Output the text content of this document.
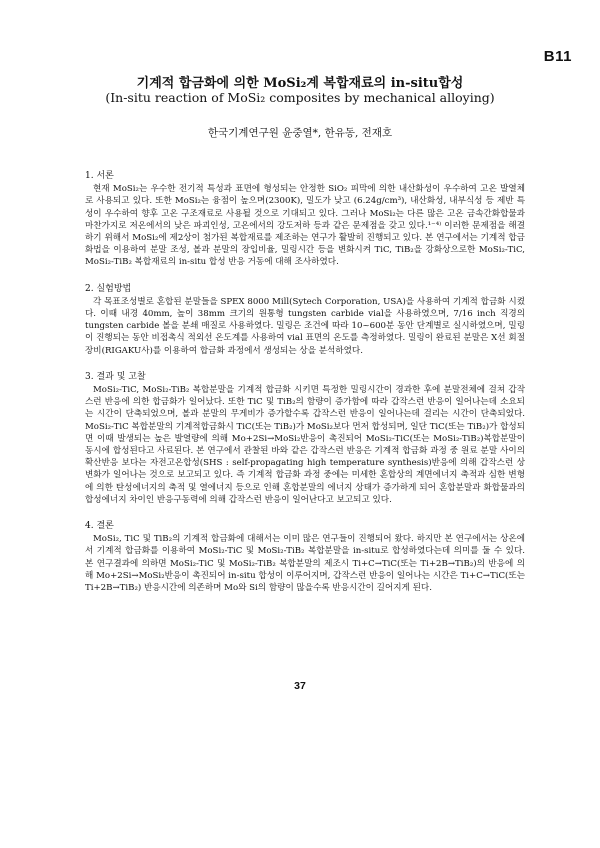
B11
기계적 합금화에 의한 MoSi₂계 복합재료의 in-situ합성
(In-situ reaction of MoSi₂ composites by mechanical alloying)
한국기계연구원 윤중열*, 한유동, 전재호
1. 서론

현재 MoSi₂는 우수한 전기적 특성과 표면에 형성되는 안정한 SiO₂ 피막에 의한 내산화성이 우수하여 고온 발열체로 사용되고 있다. 또한 MoSi₂는 융점이 높으며(2300K), 밀도가 낮고 (6.24g/cm³), 내산화성, 내부식성 등 제반 특성이 우수하여 향후 고온 구조재료로 사용될 것으로 기대되고 있다. 그러나 MoSi₂는 다른 많은 고온 금속간화합물과 마찬가지로 저온에서의 낮은 파괴인성, 고온에서의 강도저하 등과 같은 문제점을 갖고 있다.¹⁻⁴⁾ 이러한 문제점을 해결하기 위해서 MoSi₂에 제2상이 첨가된 복합재료를 제조하는 연구가 활발히 진행되고 있다. 본 연구에서는 기계적 합금화법을 이용하여 분말 조성, 볼과 분말의 장입비율, 밀링시간 등을 변화시켜 TiC, TiB₂을 강화상으로한 MoSi₂-TiC, MoSi₂-TiB₂ 복합재료의 in-situ 합성 반응 거동에 대해 조사하였다.

2. 실험방법

각 목표조성별로 혼합된 분말들을 SPEX 8000 Mill(Sytech Corporation, USA)을 사용하여 기계적 합금화 시켰다. 이때 내경 40mm, 높이 38mm 크기의 원통형 tungsten carbide vial을 사용하였으며, 7/16 inch 직경의 tungsten carbide 볼을 분쇄 매질로 사용하였다. 밀링은 조건에 따라 10~600분 동안 단계별로 실시하였으며, 밀링이 진행되는 동안 비접촉식 적외선 온도계를 사용하여 vial 표면의 온도를 측정하였다. 밀링이 완료된 분말은 X선 회절장비(RIGAKU사)를 이용하여 합금화 과정에서 생성되는 상을 분석하였다.

3. 결과 및 고찰

MoSi₂-TiC, MoSi₂-TiB₂ 복합분말을 기계적 합금화 시키면 특정한 밀링시간이 경과한 후에 분말전체에 걸쳐 갑작스런 반응에 의한 합금화가 일어났다. 또한 TiC 및 TiB₂의 함량이 증가함에 따라 갑작스런 반응이 일어나는데 소요되는 시간이 단축되었으며, 볼과 분말의 무게비가 증가할수록 갑작스런 반응이 일어나는데 걸리는 시간이 단축되었다. MoSi₂-TiC 복합분말의 기계적합금화시 TiC(또는 TiB₂)가 MoSi₂보다 먼저 합성되며, 일단 TiC(또는 TiB₂)가 합성되면 이때 발생되는 높은 발열량에 의해 Mo+2Si→MoSi₂반응이 촉진되어 MoSi₂-TiC(또는 MoSi₂-TiB₂)복합분말이 동시에 합성된다고 사료된다. 본 연구에서 관찰된 바와 같은 갑작스런 반응은 기계적 합금화 과정 중 원료 분말 사이의 확산반응 보다는 자전고온합성(SHS : self-propagating high temperature synthesis)반응에 의해 갑작스런 상변화가 일어나는 것으로 보고되고 있다. 즉 기계적 합금화 과정 중에는 미세한 혼합상의 계면에너지 축적과 심한 변형에 의한 탄성에너지의 축적 및 열에너지 등으로 인해 혼합분말의 에너지 상태가 증가하게 되어 혼합분말과 화합물과의 합성에너지 차이인 반응구동력에 의해 갑작스런 반응이 일어난다고 보고되고 있다.

4. 결론

MoSi₂, TiC 및 TiB₂의 기계적 합금화에 대해서는 이미 많은 연구들이 진행되어 왔다. 하지만 본 연구에서는 상온에서 기계적 합금화를 이용하여 MoSi₂-TiC 및 MoSi₂-TiB₂ 복합분말을 in-situ로 합성하였다는데 의미를 둘 수 있다. 본 연구결과에 의하면 MoSi₂-TiC 및 MoSi₂-TiB₂ 복합분말의 제조시 Ti+C→TiC(또는 Ti+2B→TiB₂)의 반응에 의해 Mo+2Si→MoSi₂반응이 촉진되어 in-situ 합성이 이루어지며, 갑작스런 반응이 일어나는 시간은 Ti+C→TiC(또는 Ti+2B→TiB₂) 반응시간에 의존하며 Mo와 Si의 함량이 많을수록 반응시간이 길어지게 된다.

37
